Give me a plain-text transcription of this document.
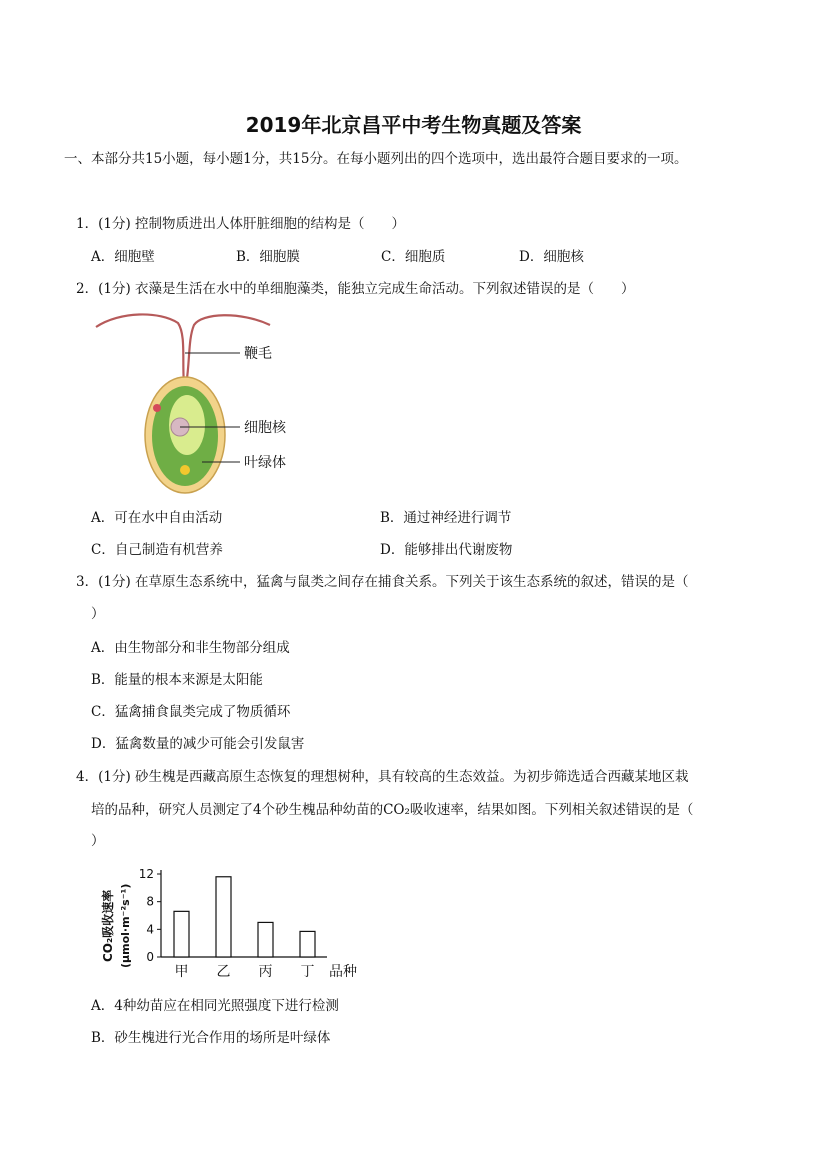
2019年北京昌平中考生物真题及答案
一、本部分共15小题，每小题1分，共15分。在每小题列出的四个选项中，选出最符合题目要求的一项。
1．(1分) 控制物质进出人体肝脏细胞的结构是（　　）
A．细胞壁	B．细胞膜	C．细胞质	D．细胞核
2．(1分) 衣藻是生活在水中的单细胞藻类，能独立完成生命活动。下列叙述错误的是（　　）
鞭毛
细胞核
叶绿体
A．可在水中自由活动	B．通过神经进行调节
C．自己制造有机营养	D．能够排出代谢废物
3．(1分) 在草原生态系统中，猛禽与鼠类之间存在捕食关系。下列关于该生态系统的叙述，错误的是（
）
A．由生物部分和非生物部分组成
B．能量的根本来源是太阳能
C．猛禽捕食鼠类完成了物质循环
D．猛禽数量的减少可能会引发鼠害
4．(1分) 砂生槐是西藏高原生态恢复的理想树种，具有较高的生态效益。为初步筛选适合西藏某地区栽
培的品种，研究人员测定了4个砂生槐品种幼苗的CO₂吸收速率，结果如图。下列相关叙述错误的是（
）
CO₂吸收速率 (μmol·m⁻²s⁻¹) 0
4
8
12
甲 乙 丙 丁 品种
A．4种幼苗应在相同光照强度下进行检测
B．砂生槐进行光合作用的场所是叶绿体
